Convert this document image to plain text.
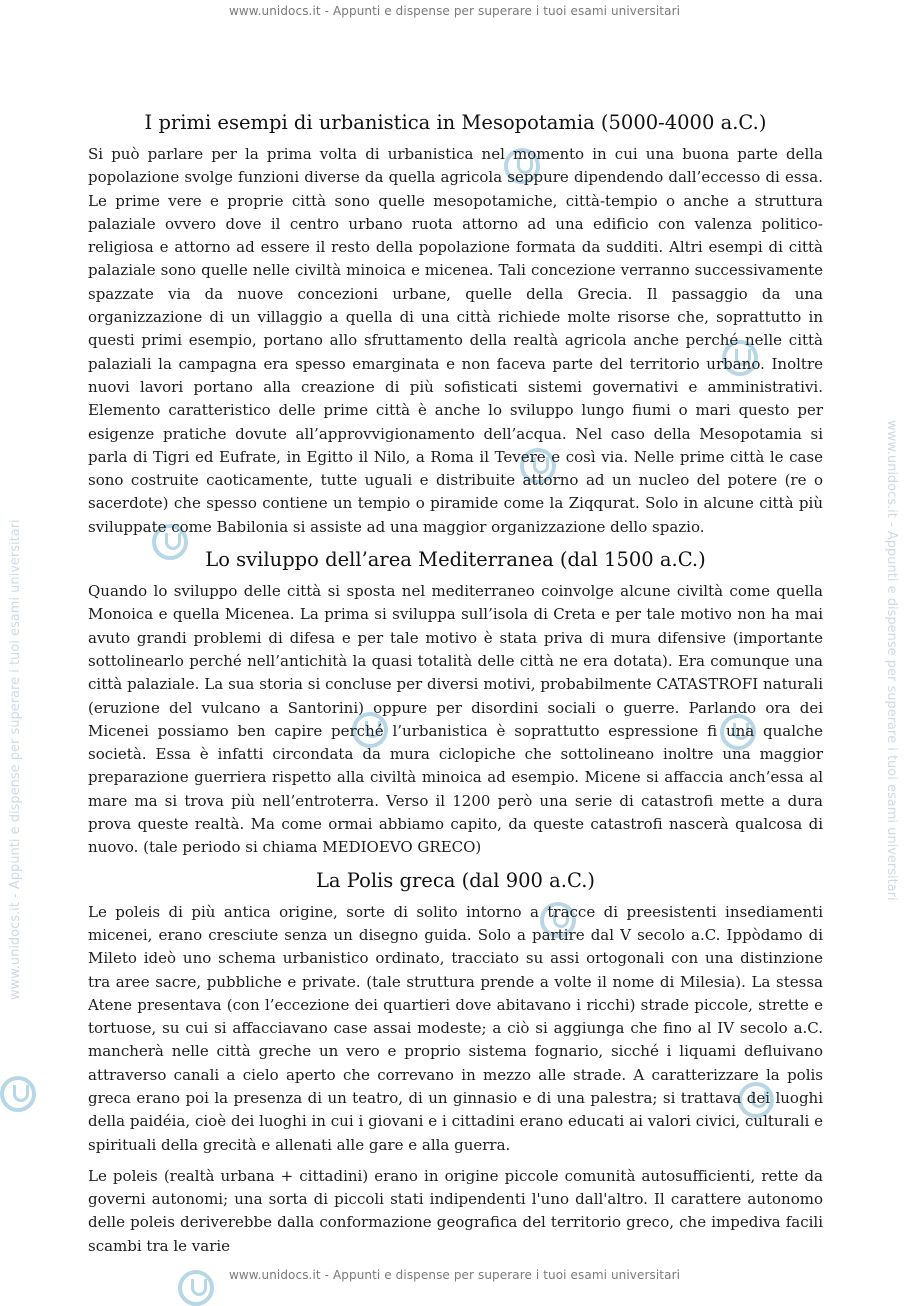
www.unidocs.it - Appunti e dispense per superare i tuoi esami universitari
www.unidocs.it - Appunti e dispense per superare i tuoi esami universitari
www.unidocs.it - Appunti e dispense per superare i tuoi esami universitari	www.unidocs.it - Appunti e dispense per superare i tuoi esami universitari
I primi esempi di urbanistica in Mesopotamia (5000-4000 a.C.)

Si può parlare per la prima volta di urbanistica nel momento in cui una buona parte della popolazione svolge funzioni diverse da quella agricola seppure dipendendo dall’eccesso di essa. Le prime vere e proprie città sono quelle mesopotamiche, città-tempio o anche a struttura palaziale ovvero dove il centro urbano ruota attorno ad una edificio con valenza politico-religiosa e attorno ad essere il resto della popolazione formata da sudditi. Altri esempi di città palaziale sono quelle nelle civiltà minoica e micenea. Tali concezione verranno successivamente spazzate via da nuove concezioni urbane, quelle della Grecia. Il passaggio da una organizzazione di un villaggio a quella di una città richiede molte risorse che, soprattutto in questi primi esempio, portano allo sfruttamento della realtà agricola anche perché nelle città palaziali la campagna era spesso emarginata e non faceva parte del territorio urbano. Inoltre nuovi lavori portano alla creazione di più sofisticati sistemi governativi e amministrativi. Elemento caratteristico delle prime città è anche lo sviluppo lungo fiumi o mari questo per esigenze pratiche dovute all’approvvigionamento dell’acqua. Nel caso della Mesopotamia si parla di Tigri ed Eufrate, in Egitto il Nilo, a Roma il Tevere e così via. Nelle prime città le case sono costruite caoticamente, tutte uguali e distribuite attorno ad un nucleo del potere (re o sacerdote) che spesso contiene un tempio o piramide come la Ziqqurat. Solo in alcune città più sviluppate come Babilonia si assiste ad una maggior organizzazione dello spazio.

Lo sviluppo dell’area Mediterranea (dal 1500 a.C.)

Quando lo sviluppo delle città si sposta nel mediterraneo coinvolge alcune civiltà come quella Monoica e quella Micenea. La prima si sviluppa sull’isola di Creta e per tale motivo non ha mai avuto grandi problemi di difesa e per tale motivo è stata priva di mura difensive (importante sottolinearlo perché nell’antichità la quasi totalità delle città ne era dotata). Era comunque una città palaziale. La sua storia si concluse per diversi motivi, probabilmente CATASTROFI naturali (eruzione del vulcano a Santorini) oppure per disordini sociali o guerre. Parlando ora dei Micenei possiamo ben capire perché l’urbanistica è soprattutto espressione fi una qualche società. Essa è infatti circondata da mura ciclopiche che sottolineano inoltre una maggior preparazione guerriera rispetto alla civiltà minoica ad esempio. Micene si affaccia anch’essa al mare ma si trova più nell’entroterra. Verso il 1200 però una serie di catastrofi mette a dura prova queste realtà. Ma come ormai abbiamo capito, da queste catastrofi nascerà qualcosa di nuovo. (tale periodo si chiama MEDIOEVO GRECO)

La Polis greca (dal 900 a.C.)

Le poleis di più antica origine, sorte di solito intorno a tracce di preesistenti insediamenti micenei, erano cresciute senza un disegno guida. Solo a partire dal V secolo a.C. Ippòdamo di Mileto ideò uno schema urbanistico ordinato, tracciato su assi ortogonali con una distinzione tra aree sacre, pubbliche e private. (tale struttura prende a volte il nome di Milesia). La stessa Atene presentava (con l’eccezione dei quartieri dove abitavano i ricchi) strade piccole, strette e tortuose, su cui si affacciavano case assai modeste; a ciò si aggiunga che fino al IV secolo a.C. mancherà nelle città greche un vero e proprio sistema fognario, sicché i liquami defluivano attraverso canali a cielo aperto che correvano in mezzo alle strade. A caratterizzare la polis greca erano poi la presenza di un teatro, di un ginnasio e di una palestra; si trattava dei luoghi della paidéia, cioè dei luoghi in cui i giovani e i cittadini erano educati ai valori civici, culturali e spirituali della grecità e allenati alle gare e alla guerra.

Le poleis (realtà urbana + cittadini) erano in origine piccole comunità autosufficienti, rette da governi autonomi; una sorta di piccoli stati indipendenti l'uno dall'altro. Il carattere autonomo delle poleis deriverebbe dalla conformazione geografica del territorio greco, che impediva facili scambi tra le varie
